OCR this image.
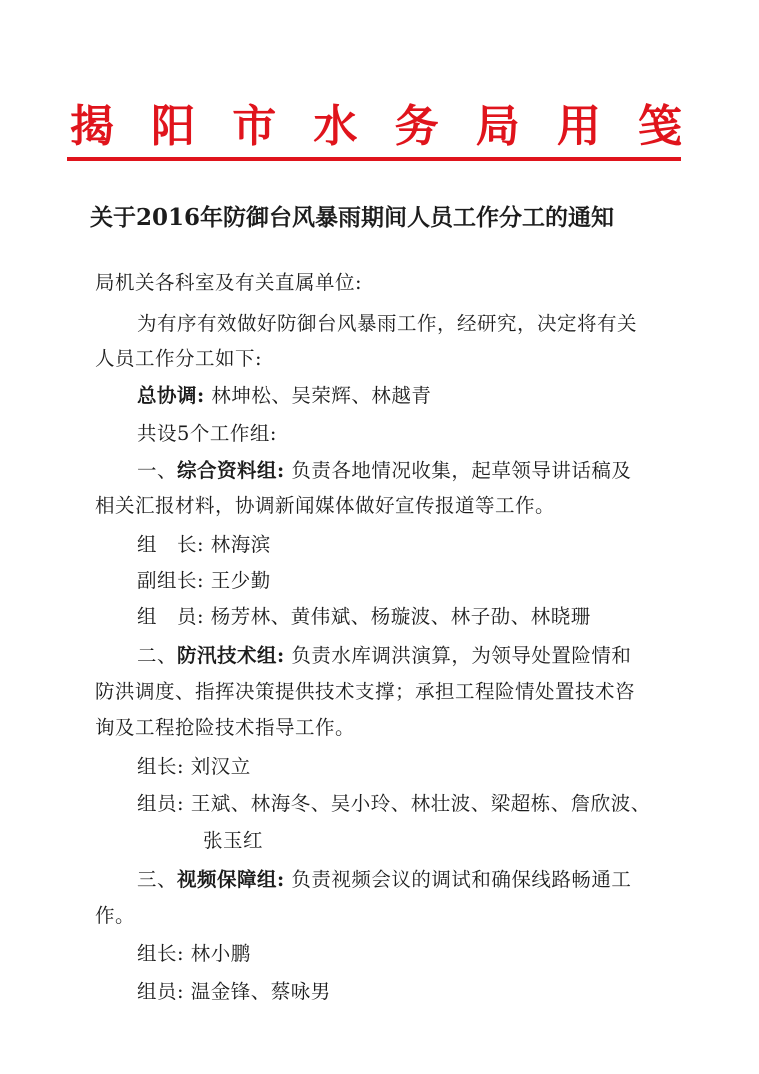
揭 阳 市 水 务 局 用 笺
关于2016年防御台风暴雨期间人员工作分工的通知
局机关各科室及有关直属单位:
为有序有效做好防御台风暴雨工作，经研究，决定将有关
人员工作分工如下:
总协调: 林坤松、吴荣辉、林越青
共设5个工作组:
一、综合资料组: 负责各地情况收集，起草领导讲话稿及
相关汇报材料，协调新闻媒体做好宣传报道等工作。
组　长: 林海滨
副组长: 王少勤
组　员: 杨芳林、黄伟斌、杨璇波、林子劭、林晓珊
二、防汛技术组: 负责水库调洪演算，为领导处置险情和
防洪调度、指挥决策提供技术支撑；承担工程险情处置技术咨
询及工程抢险技术指导工作。
组长: 刘汉立
组员: 王斌、林海冬、吴小玲、林壮波、梁超栋、詹欣波、
张玉红
三、视频保障组: 负责视频会议的调试和确保线路畅通工
作。
组长: 林小鹏
组员: 温金锋、蔡咏男
